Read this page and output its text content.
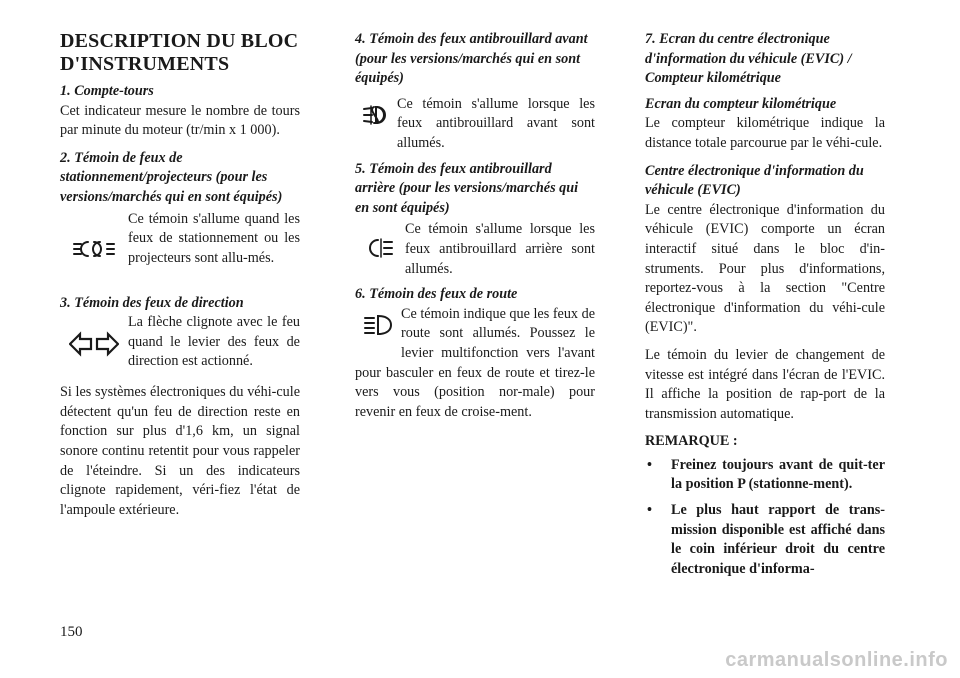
DESCRIPTION DU BLOC D'INSTRUMENTS
1. Compte-tours

Cet indicateur mesure le nombre de tours par minute du moteur (tr/min x 1 000).

2. Témoin de feux de stationnement/projecteurs (pour les versions/marchés qui en sont équipés)
Ce témoin s'allume quand les feux de stationnement ou les projecteurs sont allu-més.
3. Témoin des feux de direction
La flèche clignote avec le feu quand le levier des feux de direction est actionné.

Si les systèmes électroniques du véhi-cule détectent qu'un feu de direction reste en fonction sur plus d'1,6 km, un signal sonore continu retentit pour vous rappeler de l'éteindre. Si un des indicateurs clignote rapidement, véri-fiez l'état de l'ampoule extérieure.

4. Témoin des feux antibrouillard avant (pour les versions/marchés qui en sont équipés)
Ce témoin s'allume lorsque les feux antibrouillard avant sont allumés.
5. Témoin des feux antibrouillard arrière (pour les versions/marchés qui en sont équipés)
Ce témoin s'allume lorsque les feux antibrouillard arrière sont allumés.
6. Témoin des feux de route
Ce témoin indique que les feux de route sont allumés. Poussez le levier multifonction vers l'avant pour basculer en feux de route et tirez-le vers vous (position nor-male) pour revenir en feux de croise-ment.
7. Ecran du centre électronique d'information du véhicule (EVIC) / Compteur kilométrique
Ecran du compteur kilométrique

Le compteur kilométrique indique la distance totale parcourue par le véhi-cule.

Centre électronique d'information du véhicule (EVIC)

Le centre électronique d'information du véhicule (EVIC) comporte un écran interactif situé dans le bloc d'in-struments. Pour plus d'informations, reportez-vous à la section "Centre électronique d'information du véhi-cule (EVIC)".

Le témoin du levier de changement de vitesse est intégré dans l'écran de l'EVIC. Il affiche la position de rap-port de la transmission automatique.

REMARQUE :
• Freinez toujours avant de quit-ter la position P (stationne-ment).
• Le plus haut rapport de trans-mission disponible est affiché dans le coin inférieur droit du centre électronique d'informa-
150
carmanualsonline.info
